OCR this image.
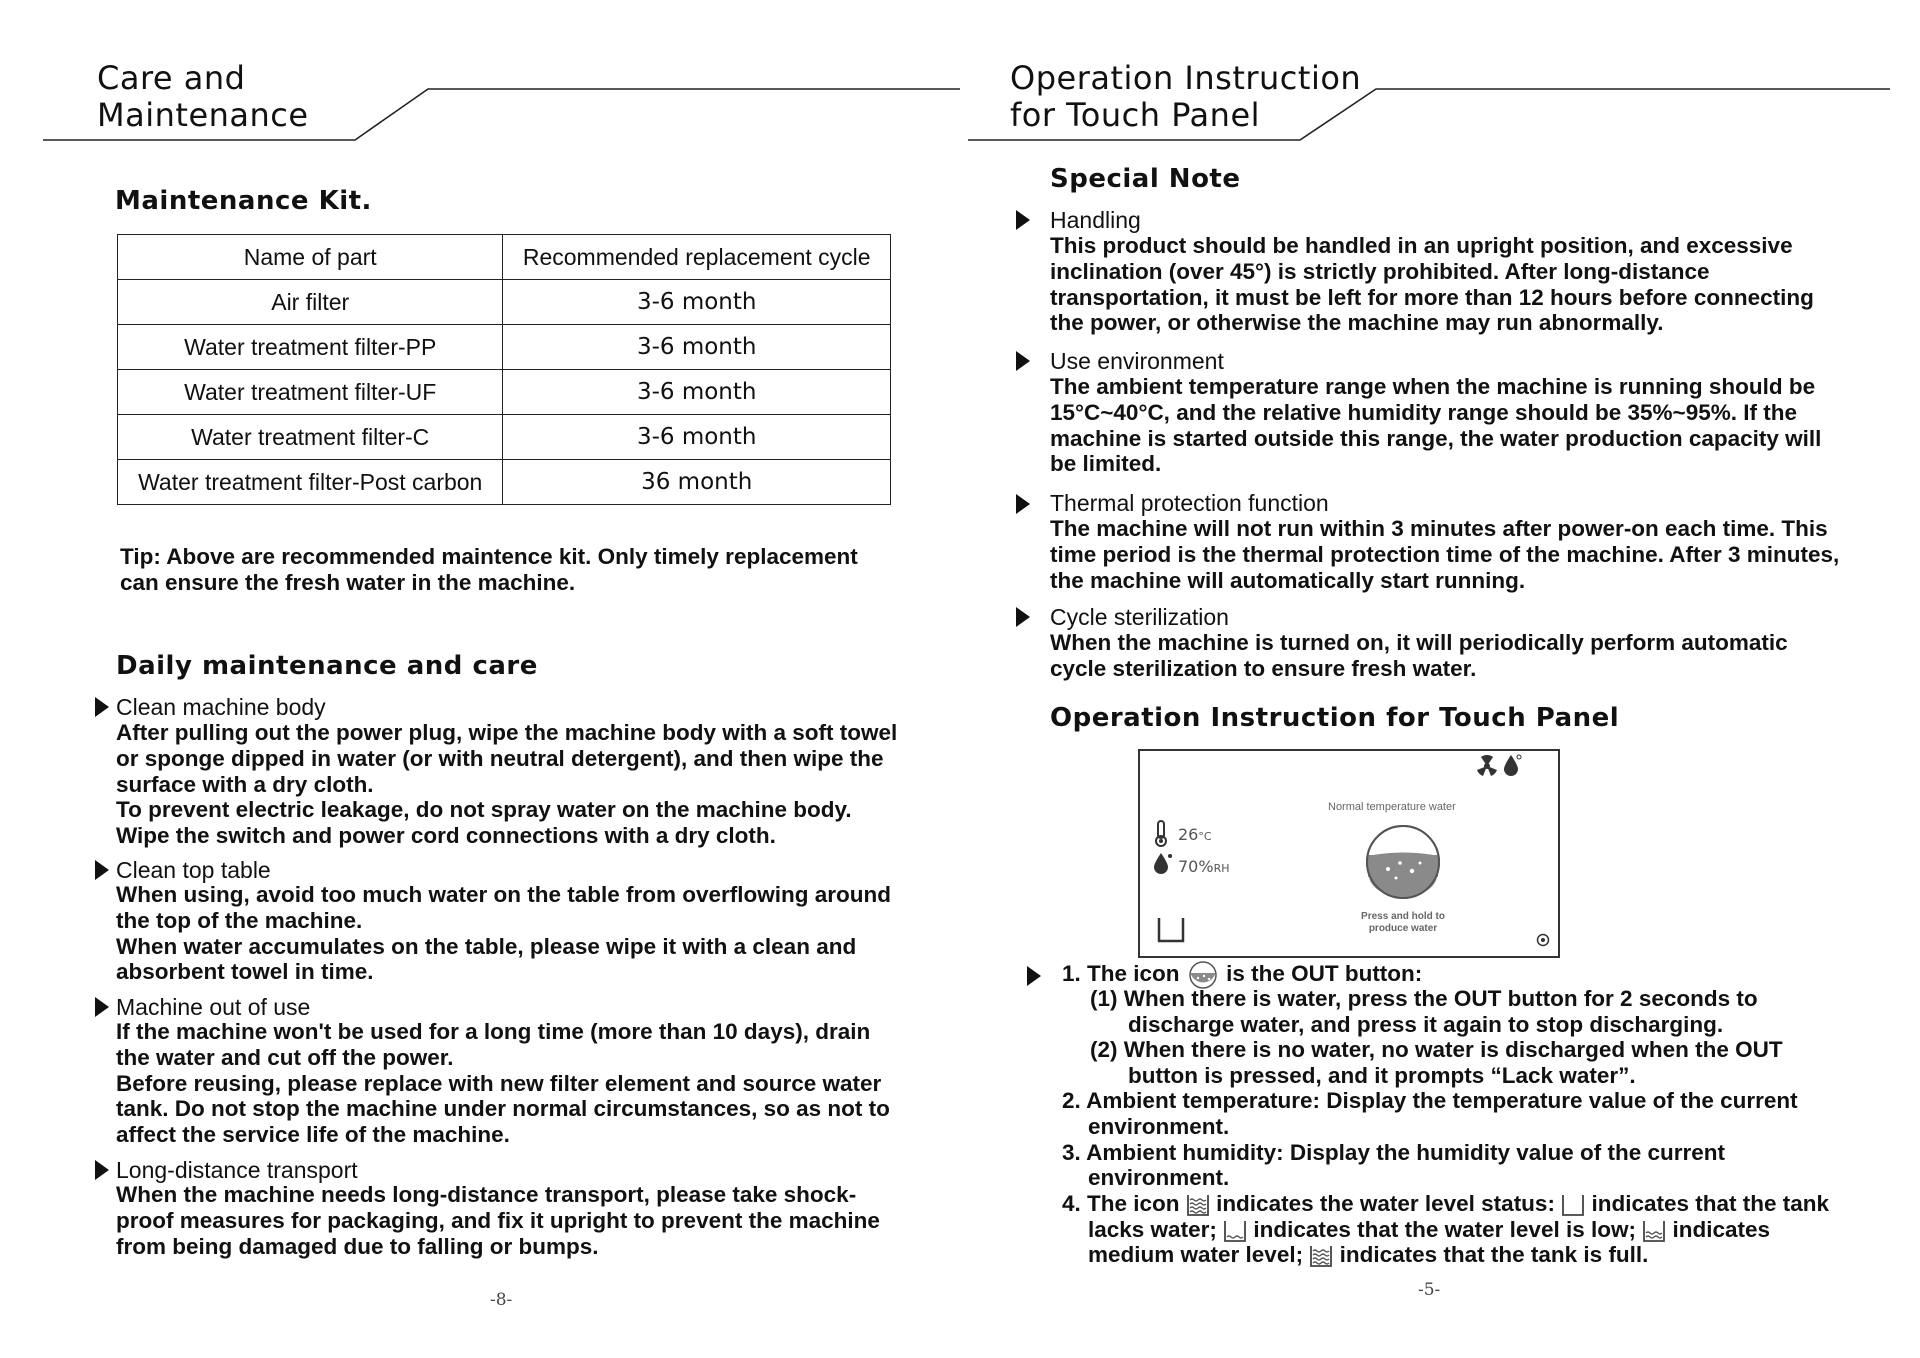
Care and
Maintenance
Maintenance Kit.
Name of part	Recommended replacement cycle
Air filter	3-6 month
Water treatment filter-PP	3-6 month
Water treatment filter-UF	3-6 month
Water treatment filter-C	3-6 month
Water treatment filter-Post carbon	36 month

Tip: Above are recommended maintence kit. Only timely replacement
can ensure the fresh water in the machine.

Daily maintenance and care

Clean machine body

After pulling out the power plug, wipe the machine body with a soft towel
or sponge dipped in water (or with neutral detergent), and then wipe the
surface with a dry cloth.
To prevent electric leakage, do not spray water on the machine body.
Wipe the switch and power cord connections with a dry cloth.

Clean top table

When using, avoid too much water on the table from overflowing around
the top of the machine.
When water accumulates on the table, please wipe it with a clean and
absorbent towel in time.

Machine out of use

If the machine won't be used for a long time (more than 10 days), drain
the water and cut off the power.
Before reusing, please replace with new filter element and source water
tank. Do not stop the machine under normal circumstances, so as not to
affect the service life of the machine.

Long-distance transport

When the machine needs long-distance transport, please take shock-
proof measures for packaging, and fix it upright to prevent the machine
from being damaged due to falling or bumps.

-8-
Operation Instruction
for Touch Panel
Special Note

Handling

This product should be handled in an upright position, and excessive
inclination (over 45°) is strictly prohibited. After long-distance
transportation, it must be left for more than 12 hours before connecting
the power, or otherwise the machine may run abnormally.

Use environment

The ambient temperature range when the machine is running should be
15°C~40°C, and the relative humidity range should be 35%~95%. If the
machine is started outside this range, the water production capacity will
be limited.

Thermal protection function

The machine will not run within 3 minutes after power-on each time. This
time period is the thermal protection time of the machine. After 3 minutes,
the machine will automatically start running.

Cycle sterilization

When the machine is turned on, it will periodically perform automatic
cycle sterilization to ensure fresh water.

Operation Instruction for Touch Panel
Normal temperature water
26°C
70%RH
Press and hold to
produce water

1. The icon is the OUT button:

(1) When there is water, press the OUT button for 2 seconds to

discharge water, and press it again to stop discharging.

(2) When there is no water, no water is discharged when the OUT

button is pressed, and it prompts “Lack water”.

2. Ambient temperature: Display the temperature value of the current

environment.

3. Ambient humidity: Display the humidity value of the current

environment.

4. The icon indicates the water level status: indicates that the tank

lacks water; indicates that the water level is low; indicates

medium water level; indicates that the tank is full.

-5-
